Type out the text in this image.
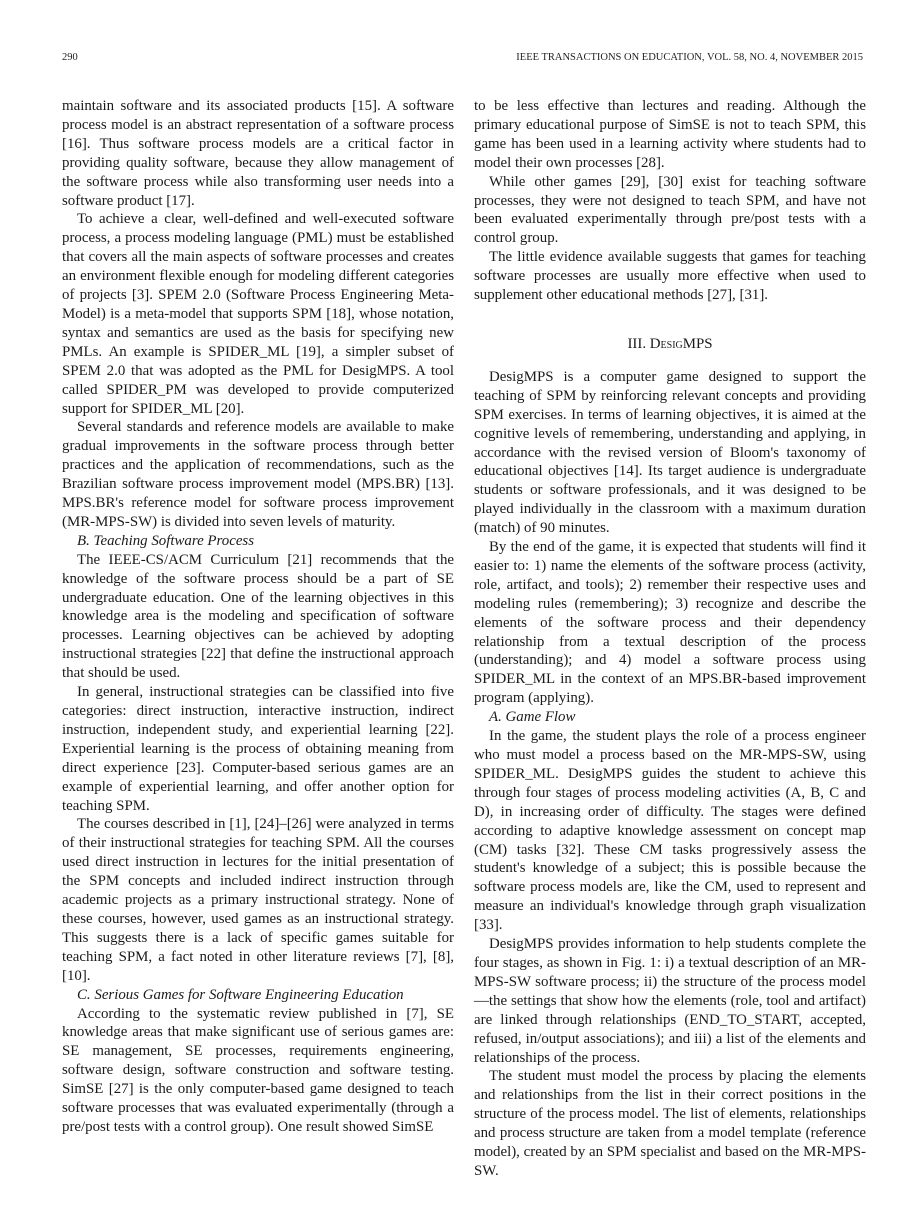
290	IEEE TRANSACTIONS ON EDUCATION, VOL. 58, NO. 4, NOVEMBER 2015

maintain software and its associated products [15]. A software process model is an abstract representation of a software process [16]. Thus software process models are a critical factor in providing quality software, because they allow management of the software process while also transforming user needs into a software product [17].

To achieve a clear, well-defined and well-executed software process, a process modeling language (PML) must be established that covers all the main aspects of software processes and creates an environment flexible enough for modeling different categories of projects [3]. SPEM 2.0 (Software Process Engineering Meta-Model) is a meta-model that supports SPM [18], whose notation, syntax and semantics are used as the basis for specifying new PMLs. An example is SPIDER_ML [19], a simpler subset of SPEM 2.0 that was adopted as the PML for DesigMPS. A tool called SPIDER_PM was developed to provide computerized support for SPIDER_ML [20].

Several standards and reference models are available to make gradual improvements in the software process through better practices and the application of recommendations, such as the Brazilian software process improvement model (MPS.BR) [13]. MPS.BR's reference model for software process improvement (MR-MPS-SW) is divided into seven levels of maturity.

B. Teaching Software Process

The IEEE-CS/ACM Curriculum [21] recommends that the knowledge of the software process should be a part of SE undergraduate education. One of the learning objectives in this knowledge area is the modeling and specification of software processes. Learning objectives can be achieved by adopting instructional strategies [22] that define the instructional approach that should be used.

In general, instructional strategies can be classified into five categories: direct instruction, interactive instruction, indirect instruction, independent study, and experiential learning [22]. Experiential learning is the process of obtaining meaning from direct experience [23]. Computer-based serious games are an example of experiential learning, and offer another option for teaching SPM.

The courses described in [1], [24]–[26] were analyzed in terms of their instructional strategies for teaching SPM. All the courses used direct instruction in lectures for the initial presentation of the SPM concepts and included indirect instruction through academic projects as a primary instructional strategy. None of these courses, however, used games as an instructional strategy. This suggests there is a lack of specific games suitable for teaching SPM, a fact noted in other literature reviews [7], [8], [10].

C. Serious Games for Software Engineering Education

According to the systematic review published in [7], SE knowledge areas that make significant use of serious games are: SE management, SE processes, requirements engineering, software design, software construction and software testing. SimSE [27] is the only computer-based game designed to teach software processes that was evaluated experimentally (through a pre/post tests with a control group). One result showed SimSE

to be less effective than lectures and reading. Although the primary educational purpose of SimSE is not to teach SPM, this game has been used in a learning activity where students had to model their own processes [28].

While other games [29], [30] exist for teaching software processes, they were not designed to teach SPM, and have not been evaluated experimentally through pre/post tests with a control group.

The little evidence available suggests that games for teaching software processes are usually more effective when used to supplement other educational methods [27], [31].

III. DesigMPS

DesigMPS is a computer game designed to support the teaching of SPM by reinforcing relevant concepts and providing SPM exercises. In terms of learning objectives, it is aimed at the cognitive levels of remembering, understanding and applying, in accordance with the revised version of Bloom's taxonomy of educational objectives [14]. Its target audience is undergraduate students or software professionals, and it was designed to be played individually in the classroom with a maximum duration (match) of 90 minutes.

By the end of the game, it is expected that students will find it easier to: 1) name the elements of the software process (activity, role, artifact, and tools); 2) remember their respective uses and modeling rules (remembering); 3) recognize and describe the elements of the software process and their dependency relationship from a textual description of the process (understanding); and 4) model a software process using SPIDER_ML in the context of an MPS.BR-based improvement program (applying).

A. Game Flow

In the game, the student plays the role of a process engineer who must model a process based on the MR-MPS-SW, using SPIDER_ML. DesigMPS guides the student to achieve this through four stages of process modeling activities (A, B, C and D), in increasing order of difficulty. The stages were defined according to adaptive knowledge assessment on concept map (CM) tasks [32]. These CM tasks progressively assess the student's knowledge of a subject; this is possible because the software process models are, like the CM, used to represent and measure an individual's knowledge through graph visualization [33].

DesigMPS provides information to help students complete the four stages, as shown in Fig. 1: i) a textual description of an MR-MPS-SW software process; ii) the structure of the process model—the settings that show how the elements (role, tool and artifact) are linked through relationships (END_TO_START, accepted, refused, in/output associations); and iii) a list of the elements and relationships of the process.

The student must model the process by placing the elements and relationships from the list in their correct positions in the structure of the process model. The list of elements, relationships and process structure are taken from a model template (reference model), created by an SPM specialist and based on the MR-MPS-SW.
